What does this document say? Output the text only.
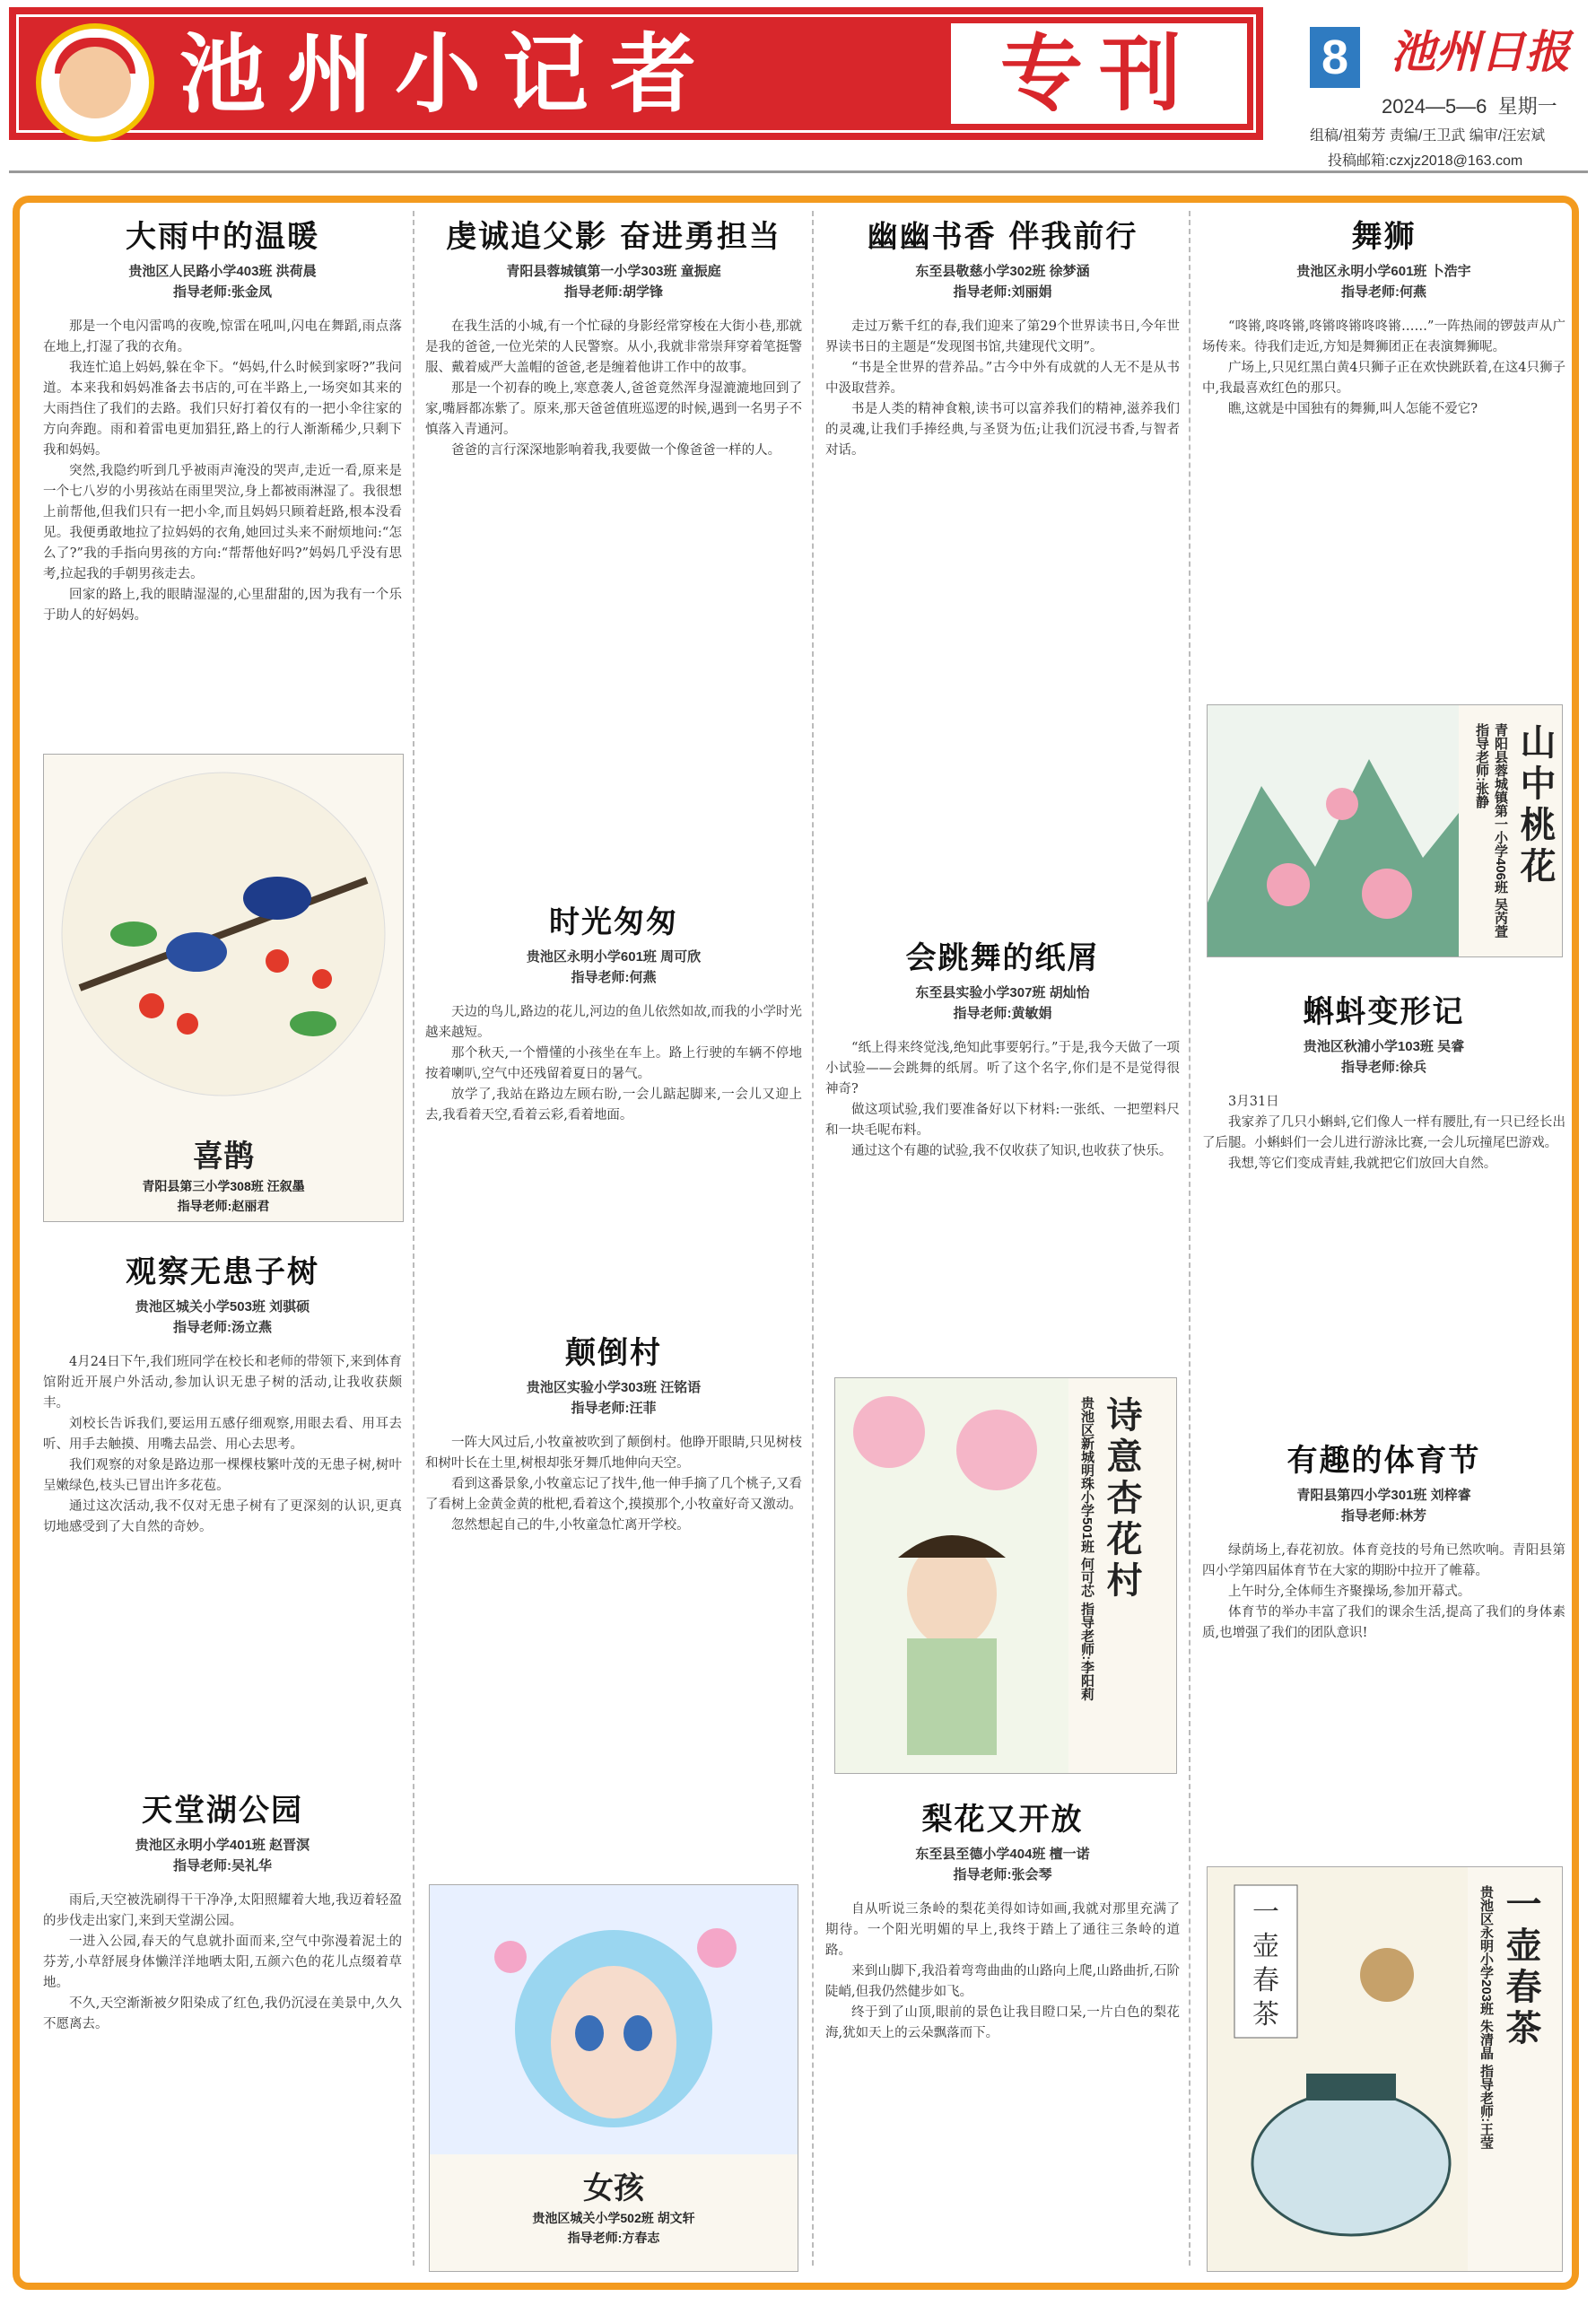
池州小记者	专刊	8 池州日报
2024—5—6 星期一
组稿/祖菊芳 责编/王卫武 编审/汪宏斌
投稿邮箱:czxjz2018@163.com
大雨中的温暖
贵池区人民路小学403班 洪荷晨
指导老师:张金凤

那是一个电闪雷鸣的夜晚,惊雷在吼叫,闪电在舞蹈,雨点落在地上,打湿了我的衣角。

我连忙追上妈妈,躲在伞下。“妈妈,什么时候到家呀?”我问道。本来我和妈妈准备去书店的,可在半路上,一场突如其来的大雨挡住了我们的去路。我们只好打着仅有的一把小伞往家的方向奔跑。雨和着雷电更加猖狂,路上的行人渐渐稀少,只剩下我和妈妈。

突然,我隐约听到几乎被雨声淹没的哭声,走近一看,原来是一个七八岁的小男孩站在雨里哭泣,身上都被雨淋湿了。我很想上前帮他,但我们只有一把小伞,而且妈妈只顾着赶路,根本没看见。我便勇敢地拉了拉妈妈的衣角,她回过头来不耐烦地问:“怎么了?”我的手指向男孩的方向:“帮帮他好吗?”妈妈几乎没有思考,拉起我的手朝男孩走去。

回家的路上,我的眼睛湿湿的,心里甜甜的,因为我有一个乐于助人的好妈妈。

喜鹊
青阳县第三小学308班 汪叙墨
指导老师:赵丽君
观察无患子树
贵池区城关小学503班 刘骐硕
指导老师:汤立燕

4月24日下午,我们班同学在校长和老师的带领下,来到体育馆附近开展户外活动,参加认识无患子树的活动,让我收获颇丰。

刘校长告诉我们,要运用五感仔细观察,用眼去看、用耳去听、用手去触摸、用嘴去品尝、用心去思考。

我们观察的对象是路边那一棵棵枝繁叶茂的无患子树,树叶呈嫩绿色,枝头已冒出许多花苞。

通过这次活动,我不仅对无患子树有了更深刻的认识,更真切地感受到了大自然的奇妙。

天堂湖公园
贵池区永明小学401班 赵晋溟
指导老师:吴礼华

雨后,天空被洗刷得干干净净,太阳照耀着大地,我迈着轻盈的步伐走出家门,来到天堂湖公园。

一进入公园,春天的气息就扑面而来,空气中弥漫着泥土的芬芳,小草舒展身体懒洋洋地晒太阳,五颜六色的花儿点缀着草地。

不久,天空渐渐被夕阳染成了红色,我仍沉浸在美景中,久久不愿离去。

虔诚追父影 奋进勇担当
青阳县蓉城镇第一小学303班 童振庭
指导老师:胡学锋

在我生活的小城,有一个忙碌的身影经常穿梭在大街小巷,那就是我的爸爸,一位光荣的人民警察。从小,我就非常崇拜穿着笔挺警服、戴着威严大盖帽的爸爸,老是缠着他讲工作中的故事。

那是一个初春的晚上,寒意袭人,爸爸竟然浑身湿漉漉地回到了家,嘴唇都冻紫了。原来,那天爸爸值班巡逻的时候,遇到一名男子不慎落入青通河。

爸爸的言行深深地影响着我,我要做一个像爸爸一样的人。

时光匆匆
贵池区永明小学601班 周可欣
指导老师:何燕

天边的鸟儿,路边的花儿,河边的鱼儿依然如故,而我的小学时光越来越短。

那个秋天,一个懵懂的小孩坐在车上。路上行驶的车辆不停地按着喇叭,空气中还残留着夏日的暑气。

放学了,我站在路边左顾右盼,一会儿踮起脚来,一会儿又迎上去,我看着天空,看着云彩,看着地面。

颠倒村
贵池区实验小学303班 汪铭语
指导老师:汪菲

一阵大风过后,小牧童被吹到了颠倒村。他睁开眼睛,只见树枝和树叶长在土里,树根却张牙舞爪地伸向天空。

看到这番景象,小牧童忘记了找牛,他一伸手摘了几个桃子,又看了看树上金黄金黄的枇杷,看着这个,摸摸那个,小牧童好奇又激动。

忽然想起自己的牛,小牧童急忙离开学校。

女孩
贵池区城关小学502班 胡文轩
指导老师:方春志
幽幽书香 伴我前行
东至县敬慈小学302班 徐梦涵
指导老师:刘丽娟

走过万紫千红的春,我们迎来了第29个世界读书日,今年世界读书日的主题是“发现图书馆,共建现代文明”。

“书是全世界的营养品。”古今中外有成就的人无不是从书中汲取营养。

书是人类的精神食粮,读书可以富养我们的精神,滋养我们的灵魂,让我们手捧经典,与圣贤为伍;让我们沉浸书香,与智者对话。

会跳舞的纸屑
东至县实验小学307班 胡灿怡
指导老师:黄敏娟

“纸上得来终觉浅,绝知此事要躬行。”于是,我今天做了一项小试验——会跳舞的纸屑。听了这个名字,你们是不是觉得很神奇?

做这项试验,我们要准备好以下材料:一张纸、一把塑料尺和一块毛呢布料。

通过这个有趣的试验,我不仅收获了知识,也收获了快乐。

诗意杏花村
贵池区新城明珠小学501班 何可芯 指导老师:李阳莉
梨花又开放
东至县至德小学404班 檀一诺
指导老师:张会琴

自从听说三条岭的梨花美得如诗如画,我就对那里充满了期待。一个阳光明媚的早上,我终于踏上了通往三条岭的道路。

来到山脚下,我沿着弯弯曲曲的山路向上爬,山路曲折,石阶陡峭,但我仍然健步如飞。

终于到了山顶,眼前的景色让我目瞪口呆,一片白色的梨花海,犹如天上的云朵飘落而下。

舞狮
贵池区永明小学601班 卜浩宇
指导老师:何燕

“咚锵,咚咚锵,咚锵咚锵咚咚锵……”一阵热闹的锣鼓声从广场传来。待我们走近,方知是舞狮团正在表演舞狮呢。

广场上,只见红黑白黄4只狮子正在欢快跳跃着,在这4只狮子中,我最喜欢红色的那只。

瞧,这就是中国独有的舞狮,叫人怎能不爱它?

山中桃花
青阳县蓉城镇第一小学406班 吴芮萱 指导老师:张静
蝌蚪变形记
贵池区秋浦小学103班 吴睿
指导老师:徐兵

3月31日

我家养了几只小蝌蚪,它们像人一样有腰肚,有一只已经长出了后腿。小蝌蚪们一会儿进行游泳比赛,一会儿玩撞尾巴游戏。

我想,等它们变成青蛙,我就把它们放回大自然。

有趣的体育节
青阳县第四小学301班 刘梓睿
指导老师:林芳

绿荫场上,春花初放。体育竞技的号角已然吹响。青阳县第四小学第四届体育节在大家的期盼中拉开了帷幕。

上午时分,全体师生齐聚操场,参加开幕式。

体育节的举办丰富了我们的课余生活,提高了我们的身体素质,也增强了我们的团队意识!

一壶春茶	一壶春茶
贵池区永明小学203班 朱清晶 指导老师:王莹
